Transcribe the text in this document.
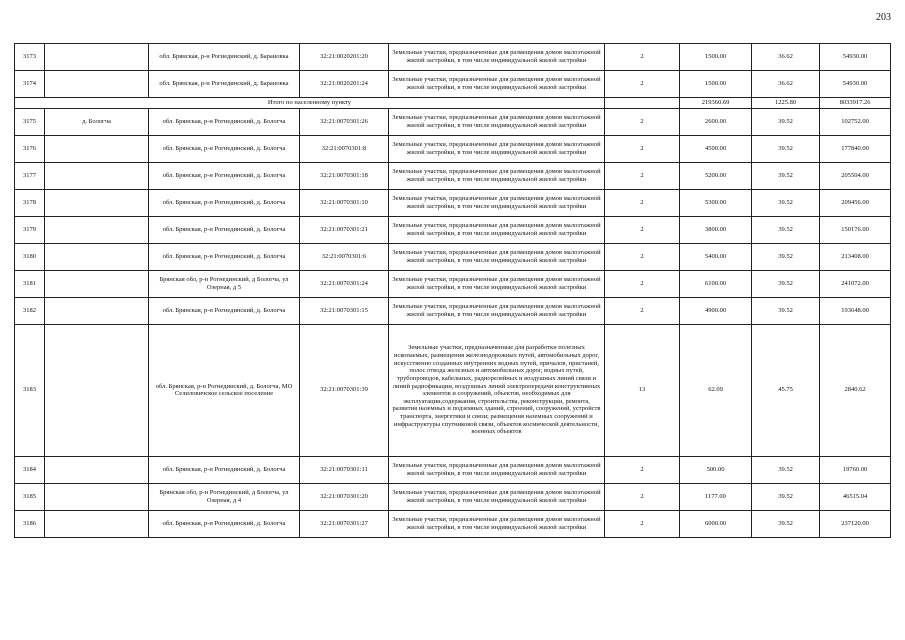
203
3173		обл. Брянская, р-н Рогнединский, д. Барановка	32:21:0020201:20	Земельные участки, предназначенные для размещения домов малоэтажной жилой застройки, в том числе индивидуальной жилой застройки	2	1500.00	36.62	54930.00
3174		обл. Брянская, р-н Рогнединский, д. Барановка	32:21:0020201:24	Земельные участки, предназначенные для размещения домов малоэтажной жилой застройки, в том числе индивидуальной жилой застройки	2	1500.00	36.62	54930.00
Итого по населенному пункту						219360.69	1225.80	8033917.26
3175	д. Бологча	обл. Брянская, р-н Рогнединский, д. Бологча	32:21:0070301:26	Земельные участки, предназначенные для размещения домов малоэтажной жилой застройки, в том числе индивидуальной жилой застройки	2	2600.00	39.52	102752.00
3176		обл. Брянская, р-н Рогнединский, д. Бологча	32:21:0070301:8	Земельные участки, предназначенные для размещения домов малоэтажной жилой застройки, в том числе индивидуальной жилой застройки	2	4500.00	39.52	177840.00
3177		обл. Брянская, р-н Рогнединский, д. Бологча	32:21:0070301:18	Земельные участки, предназначенные для размещения домов малоэтажной жилой застройки, в том числе индивидуальной жилой застройки	2	5200.00	39.52	205504.00
3178		обл. Брянская, р-н Рогнединский, д. Бологча	32:21:0070301:10	Земельные участки, предназначенные для размещения домов малоэтажной жилой застройки, в том числе индивидуальной жилой застройки	2	5300.00	39.52	209456.00
3179		обл. Брянская, р-н Рогнединский, д. Бологча	32:21:0070301:21	Земельные участки, предназначенные для размещения домов малоэтажной жилой застройки, в том числе индивидуальной жилой застройки	2	3800.00	39.52	150176.00
3180		обл. Брянская, р-н Рогнединский, д. Бологча	32:21:0070301:6	Земельные участки, предназначенные для размещения домов малоэтажной жилой застройки, в том числе индивидуальной жилой застройки	2	5400.00	39.52	213408.00
3181		Брянская обл, р-н Рогнединский, д Бологча, ул Озерная, д 5	32:21:0070301:24	Земельные участки, предназначенные для размещения домов малоэтажной жилой застройки, в том числе индивидуальной жилой застройки	2	6100.00	39.52	241072.00
3182		обл. Брянская, р-н Рогнединский, д. Бологча	32:21:0070301:15	Земельные участки, предназначенные для размещения домов малоэтажной жилой застройки, в том числе индивидуальной жилой застройки	2	4900.00	39.52	193648.00
3183		обл. Брянская, р-н Рогнединский, д. Бологча, МО Селиловичское сельское поселение	32:21:0070301:39	Земельные участки, предназначенные для разработки полезных ископаемых, размещения железнодорожных путей, автомобильных дорог, искусственно созданных внутренних водных путей, причалов, пристаней, полос отвода железных и автомобильных дорог, водных путей, трубопроводов, кабельных, радиорелейных и воздушных линий связи и линий радиофикации, воздушных линий электропередачи конструктивных элементов и сооружений, объектов, необходимых для эксплуатации,содержания, строительства, реконструкции, ремонта, развития наземных и подземных зданий, строений, сооружений, устройств транспорта, энергетики и связи; размещения наземных сооружений и инфраструктуры спутниковой связи, объектов космической деятельности, военных объектов	13	62.09	45.75	2840.62
3184		обл. Брянская, р-н Рогнединский, д. Бологча	32:21:0070301:11	Земельные участки, предназначенные для размещения домов малоэтажной жилой застройки, в том числе индивидуальной жилой застройки	2	500.00	39.52	19760.00
3185		Брянская обл, р-н Рогнединский, д Бологча, ул Озерная, д 4	32:21:0070301:20	Земельные участки, предназначенные для размещения домов малоэтажной жилой застройки, в том числе индивидуальной жилой застройки	2	1177.00	39.52	46515.04
3186		обл. Брянская, р-н Рогнединский, д. Бологча	32:21:0070301:27	Земельные участки, предназначенные для размещения домов малоэтажной жилой застройки, в том числе индивидуальной жилой застройки	2	6000.00	39.52	237120.00
